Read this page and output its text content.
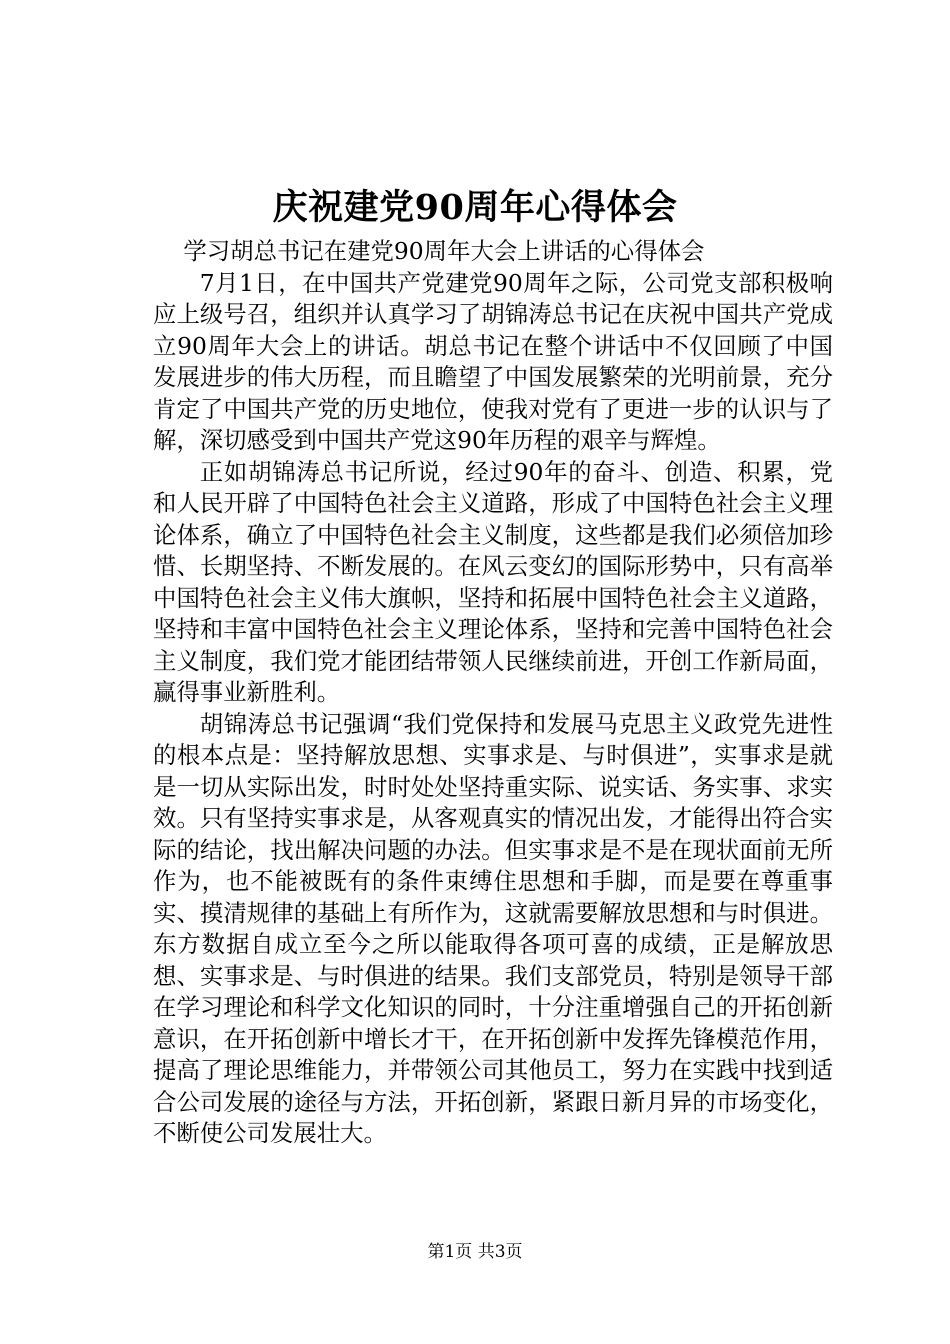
庆祝建党90周年心得体会

学习胡总书记在建党90周年大会上讲话的心得体会

7月1日，在中国共产党建党90周年之际，公司党支部积极响应上级号召，组织并认真学习了胡锦涛总书记在庆祝中国共产党成立90周年大会上的讲话。胡总书记在整个讲话中不仅回顾了中国发展进步的伟大历程，而且瞻望了中国发展繁荣的光明前景，充分肯定了中国共产党的历史地位，使我对党有了更进一步的认识与了解，深切感受到中国共产党这90年历程的艰辛与辉煌。

正如胡锦涛总书记所说，经过90年的奋斗、创造、积累，党和人民开辟了中国特色社会主义道路，形成了中国特色社会主义理论体系，确立了中国特色社会主义制度，这些都是我们必须倍加珍惜、长期坚持、不断发展的。在风云变幻的国际形势中，只有高举中国特色社会主义伟大旗帜，坚持和拓展中国特色社会主义道路，坚持和丰富中国特色社会主义理论体系，坚持和完善中国特色社会主义制度，我们党才能团结带领人民继续前进，开创工作新局面，赢得事业新胜利。

胡锦涛总书记强调“我们党保持和发展马克思主义政党先进性的根本点是：坚持解放思想、实事求是、与时俱进”，实事求是就是一切从实际出发，时时处处坚持重实际、说实话、务实事、求实效。只有坚持实事求是，从客观真实的情况出发，才能得出符合实际的结论，找出解决问题的办法。但实事求是不是在现状面前无所作为，也不能被既有的条件束缚住思想和手脚，而是要在尊重事实、摸清规律的基础上有所作为，这就需要解放思想和与时俱进。东方数据自成立至今之所以能取得各项可喜的成绩，正是解放思想、实事求是、与时俱进的结果。我们支部党员，特别是领导干部在学习理论和科学文化知识的同时，十分注重增强自己的开拓创新意识，在开拓创新中增长才干，在开拓创新中发挥先锋模范作用，提高了理论思维能力，并带领公司其他员工，努力在实践中找到适合公司发展的途径与方法，开拓创新，紧跟日新月异的市场变化，不断使公司发展壮大。

第1页 共3页
